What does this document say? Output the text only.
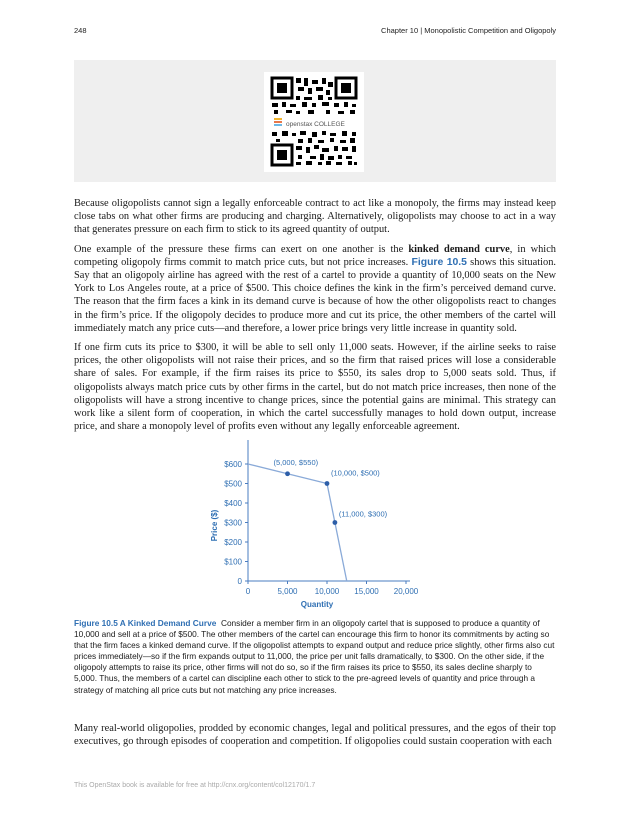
248	Chapter 10 | Monopolistic Competition and Oligopoly
openstax COLLEGE

Because oligopolists cannot sign a legally enforceable contract to act like a monopoly, the firms may instead keep close tabs on what other firms are producing and charging. Alternatively, oligopolists may choose to act in a way that generates pressure on each firm to stick to its agreed quantity of output.

One example of the pressure these firms can exert on one another is the kinked demand curve, in which competing oligopoly firms commit to match price cuts, but not price increases. Figure 10.5 shows this situation. Say that an oligopoly airline has agreed with the rest of a cartel to provide a quantity of 10,000 seats on the New York to Los Angeles route, at a price of $500. This choice defines the kink in the firm’s perceived demand curve. The reason that the firm faces a kink in its demand curve is because of how the other oligopolists react to changes in the firm’s price. If the oligopoly decides to produce more and cut its price, the other members of the cartel will immediately match any price cuts—and therefore, a lower price brings very little increase in quantity sold.

If one firm cuts its price to $300, it will be able to sell only 11,000 seats. However, if the airline seeks to raise prices, the other oligopolists will not raise their prices, and so the firm that raised prices will lose a considerable share of sales. For example, if the firm raises its price to $550, its sales drop to 5,000 seats sold. Thus, if oligopolists always match price cuts by other firms in the cartel, but do not match price increases, then none of the oligopolists will have a strong incentive to change prices, since the potential gains are minimal. This strategy can work like a silent form of cooperation, in which the cartel successfully manages to hold down output, increase price, and share a monopoly level of profits even without any legally enforceable agreement.

0
$100
$200
$300
$400
$500
$600
0	5,000 10,000 15,000 20,000
(5,000, $550)
(10,000, $500)
(11,000, $300)
Price ($)
Quantity
Figure 10.5 A Kinked Demand Curve Consider a member firm in an oligopoly cartel that is supposed to produce a quantity of 10,000 and sell at a price of $500. The other members of the cartel can encourage this firm to honor its commitments by acting so that the firm faces a kinked demand curve. If the oligopolist attempts to expand output and reduce price slightly, other firms also cut prices immediately—so if the firm expands output to 11,000, the price per unit falls dramatically, to $300. On the other side, if the oligopoly attempts to raise its price, other firms will not do so, so if the firm raises its price to $550, its sales decline sharply to 5,000. Thus, the members of a cartel can discipline each other to stick to the pre-agreed levels of quantity and price through a strategy of matching all price cuts but not matching any price increases.

Many real-world oligopolies, prodded by economic changes, legal and political pressures, and the egos of their top executives, go through episodes of cooperation and competition. If oligopolies could sustain cooperation with each

This OpenStax book is available for free at http://cnx.org/content/col12170/1.7
